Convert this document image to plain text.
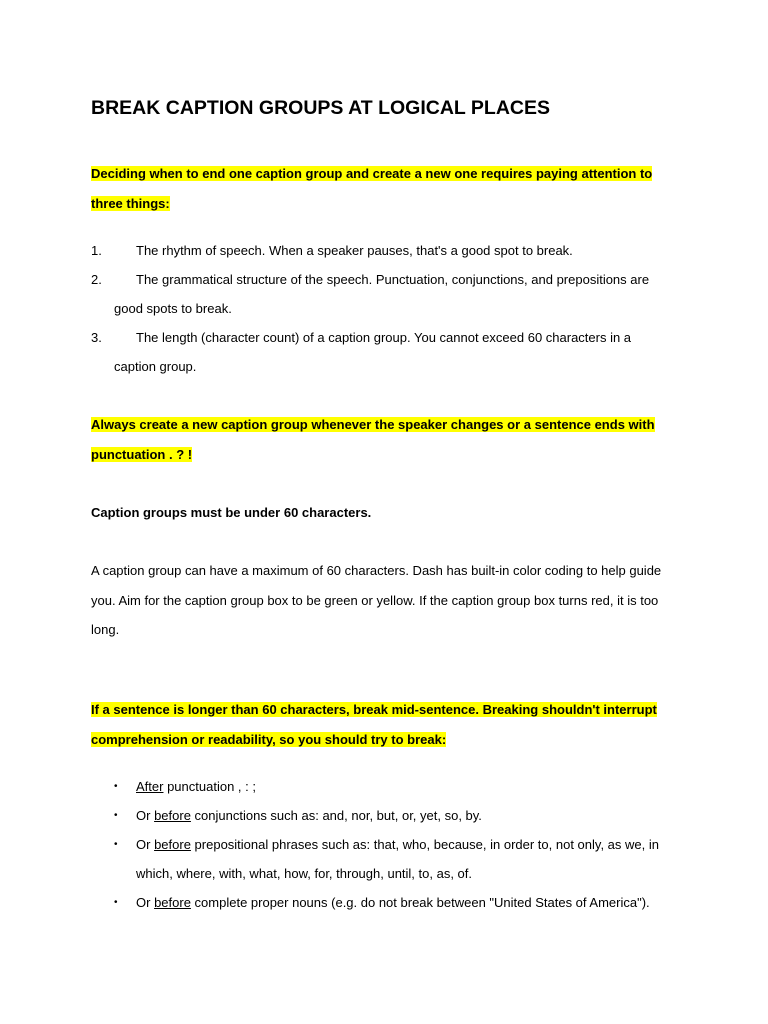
BREAK CAPTION GROUPS AT LOGICAL PLACES

Deciding when to end one caption group and create a new one requires paying attention to three things:

1.	The rhythm of speech. When a speaker pauses, that's a good spot to break.
2.	The grammatical structure of the speech. Punctuation, conjunctions, and prepositions are
good spots to break.
3.	The length (character count) of a caption group. You cannot exceed 60 characters in a
caption group.

Always create a new caption group whenever the speaker changes or a sentence ends with punctuation . ? !

Caption groups must be under 60 characters.

A caption group can have a maximum of 60 characters. Dash has built-in color coding to help guide you. Aim for the caption group box to be green or yellow. If the caption group box turns red, it is too long.

If a sentence is longer than 60 characters, break mid-sentence. Breaking shouldn't interrupt comprehension or readability, so you should try to break:

• After punctuation , : ;
• Or before conjunctions such as: and, nor, but, or, yet, so, by.
• Or before prepositional phrases such as: that, who, because, in order to, not only, as we, in which, where, with, what, how, for, through, until, to, as, of.
• Or before complete proper nouns (e.g. do not break between "United States of America").
